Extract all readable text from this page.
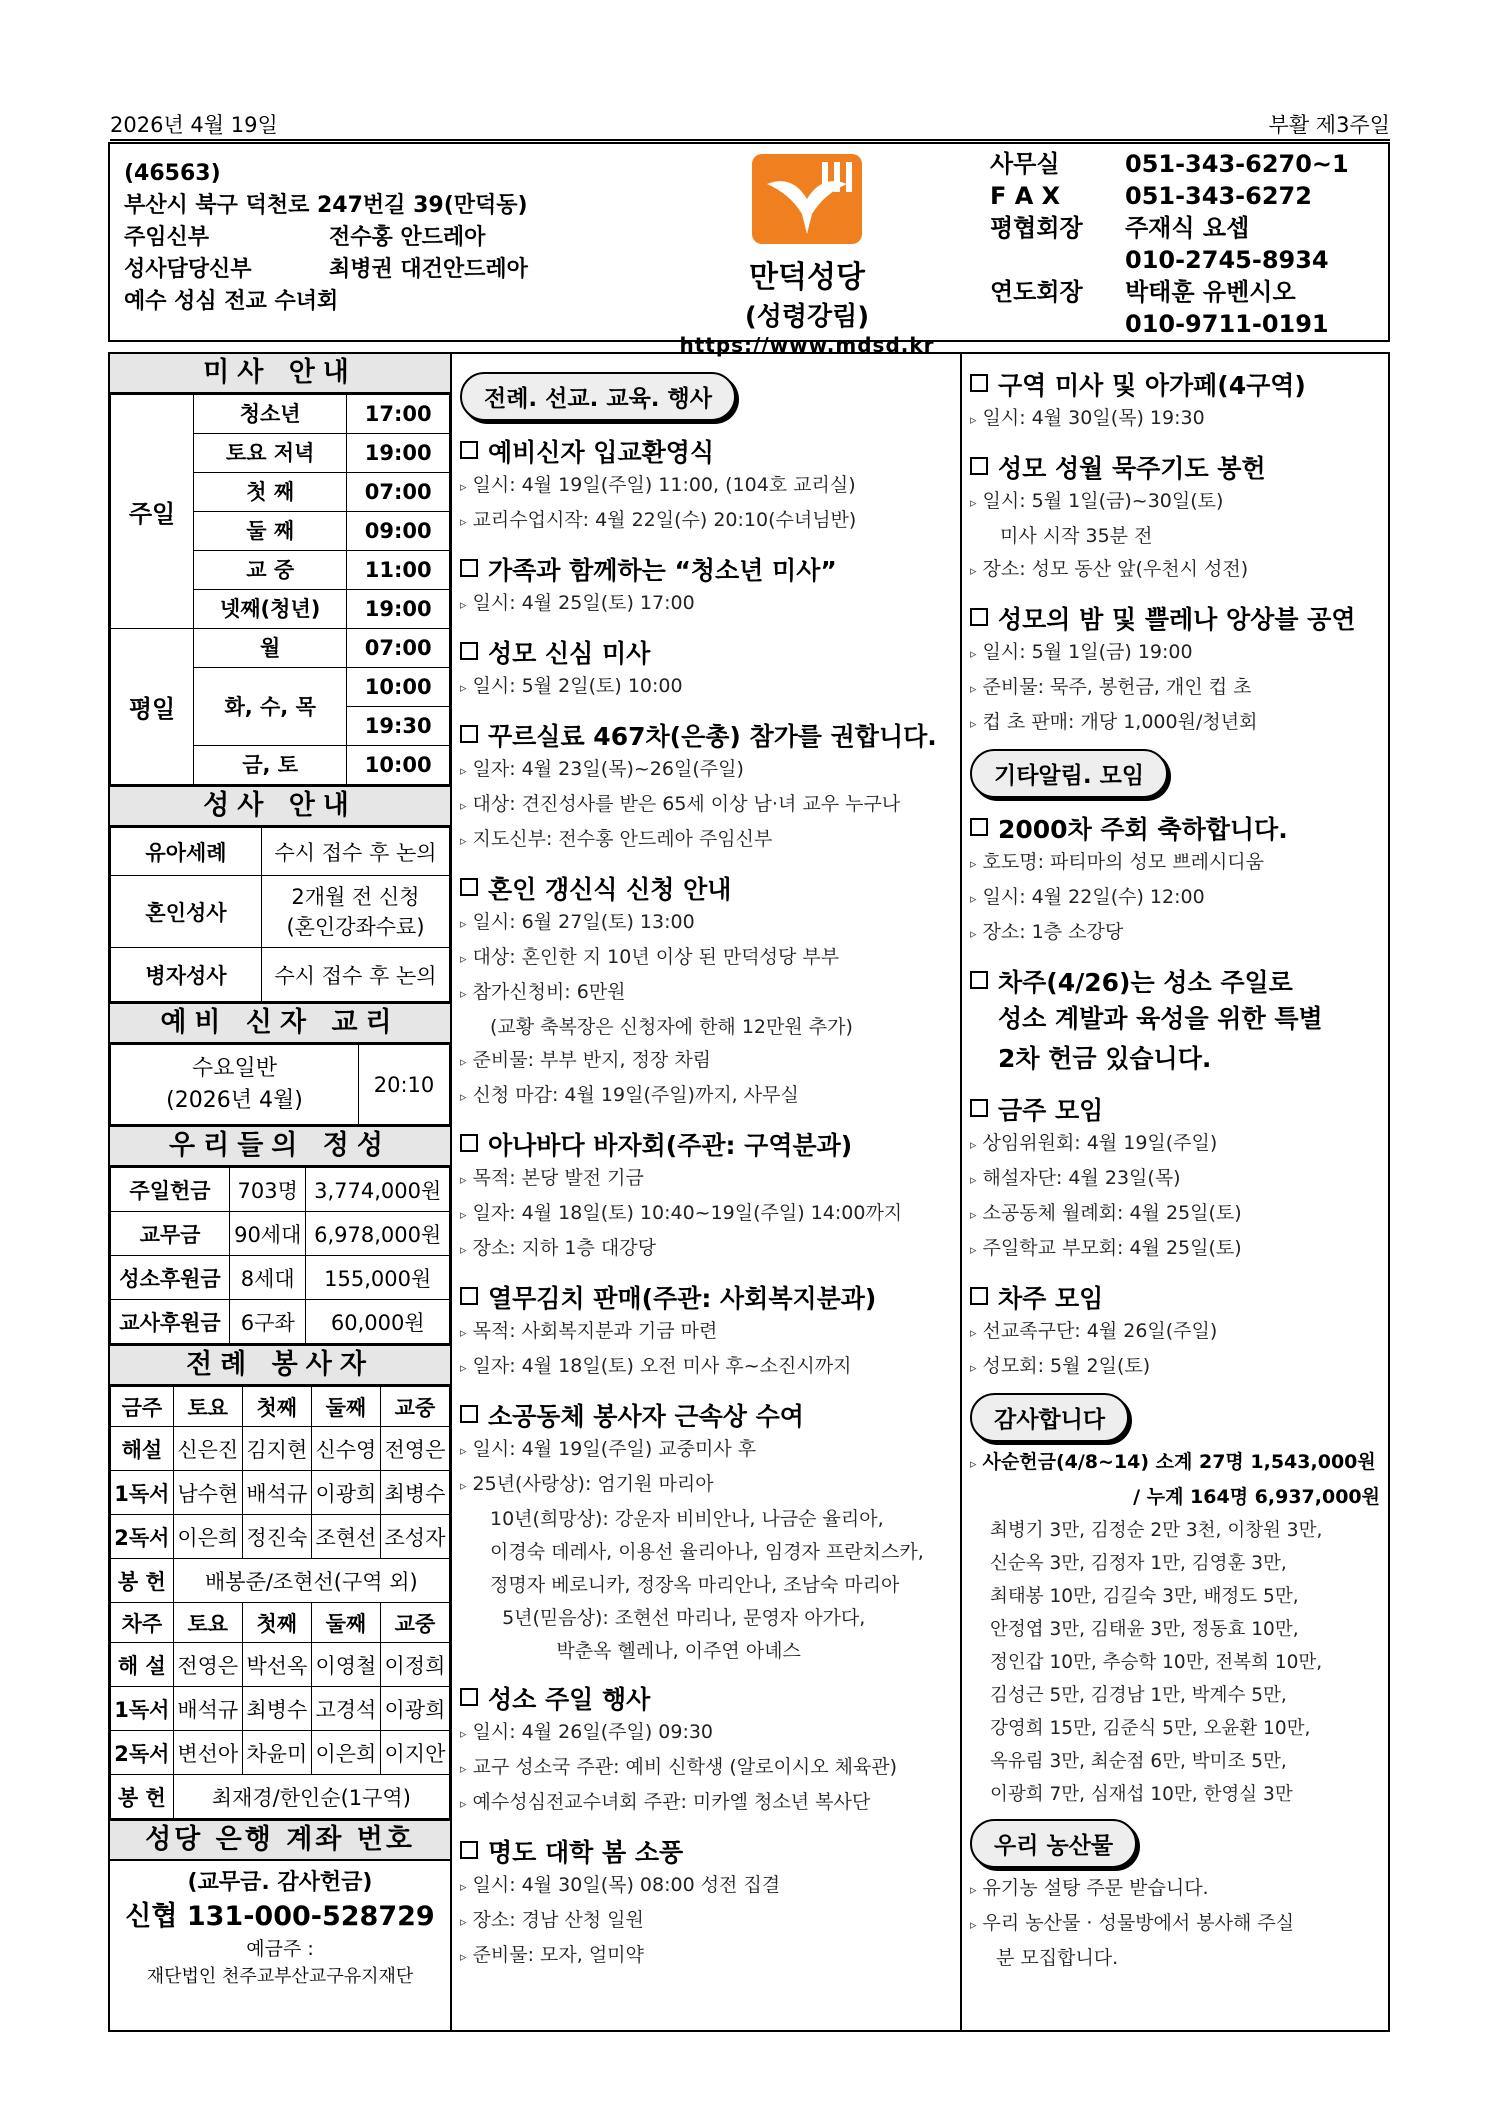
2026년 4월 19일	부활 제3주일
(46563)
부산시 북구 덕천로 247번길 39(만덕동)
주임신부	전수홍 안드레아
성사담당신부	최병권 대건안드레아
예수 성심 전교 수녀회
만덕성당
(성령강림)
https://www.mdsd.kr
사무실	051-343-6270~1
F A X	051-343-6272
평협회장	주재식 요셉
010-2745-8934
연도회장	박태훈 유벤시오
010-9711-0191
미사 안내
주일	청소년	17:00
	토요 저녁	19:00
	첫 째	07:00
	둘 째	09:00
	교 중	11:00
	넷째(청년)	19:00
평일	월	07:00
	화, 수, 목	10:00
		19:30
	금, 토	10:00
성사 안내
유아세례	수시 접수 후 논의
혼인성사	2개월 전 신청
(혼인강좌수료)
병자성사	수시 접수 후 논의
예비 신자 교리
수요일반
(2026년 4월)	20:10
우리들의 정성
주일헌금	703명	3,774,000원
교무금	90세대	6,978,000원
성소후원금	8세대	155,000원
교사후원금	6구좌	60,000원
전례 봉사자
금주	토요	첫째	둘째	교중
해설	신은진	김지현	신수영	전영은
1독서	남수현	배석규	이광희	최병수
2독서	이은희	정진숙	조현선	조성자
봉 헌	배봉준/조현선(구역 외)			
차주	토요	첫째	둘째	교중
해 설	전영은	박선옥	이영철	이정희
1독서	배석규	최병수	고경석	이광희
2독서	변선아	차윤미	이은희	이지안
봉 헌	최재경/한인순(1구역)			
성당 은행 계좌 번호
(교무금. 감사헌금)
신협 131-000-528729
예금주 :
재단법인 천주교부산교구유지재단
전례. 선교. 교육. 행사
예비신자 입교환영식
▹ 일시: 4월 19일(주일) 11:00, (104호 교리실)
▹ 교리수업시작: 4월 22일(수) 20:10(수녀님반)
가족과 함께하는 “청소년 미사”
▹ 일시: 4월 25일(토) 17:00
성모 신심 미사
▹ 일시: 5월 2일(토) 10:00
꾸르실료 467차(은총) 참가를 권합니다.
▹ 일자: 4월 23일(목)~26일(주일)
▹ 대상: 견진성사를 받은 65세 이상 남·녀 교우 누구나
▹ 지도신부: 전수홍 안드레아 주임신부
혼인 갱신식 신청 안내
▹ 일시: 6월 27일(토) 13:00
▹ 대상: 혼인한 지 10년 이상 된 만덕성당 부부
▹ 참가신청비: 6만원
(교황 축복장은 신청자에 한해 12만원 추가)
▹ 준비물: 부부 반지, 정장 차림
▹ 신청 마감: 4월 19일(주일)까지, 사무실
아나바다 바자회(주관: 구역분과)
▹ 목적: 본당 발전 기금
▹ 일자: 4월 18일(토) 10:40~19일(주일) 14:00까지
▹ 장소: 지하 1층 대강당
열무김치 판매(주관: 사회복지분과)
▹ 목적: 사회복지분과 기금 마련
▹ 일자: 4월 18일(토) 오전 미사 후~소진시까지
소공동체 봉사자 근속상 수여
▹ 일시: 4월 19일(주일) 교중미사 후
▹ 25년(사랑상): 엄기원 마리아
10년(희망상): 강운자 비비안나, 나금순 율리아,
이경숙 데레사, 이용선 율리아나, 임경자 프란치스카,
정명자 베로니카, 정장옥 마리안나, 조남숙 마리아
5년(믿음상): 조현선 마리나, 문영자 아가다,
박춘옥 헬레나, 이주연 아녜스
성소 주일 행사
▹ 일시: 4월 26일(주일) 09:30
▹ 교구 성소국 주관: 예비 신학생 (알로이시오 체육관)
▹ 예수성심전교수녀회 주관: 미카엘 청소년 복사단
명도 대학 봄 소풍
▹ 일시: 4월 30일(목) 08:00 성전 집결
▹ 장소: 경남 산청 일원
▹ 준비물: 모자, 얼미약
구역 미사 및 아가페(4구역)
▹ 일시: 4월 30일(목) 19:30
성모 성월 묵주기도 봉헌
▹ 일시: 5월 1일(금)~30일(토)
미사 시작 35분 전
▹ 장소: 성모 동산 앞(우천시 성전)
성모의 밤 및 쁠레나 앙상블 공연
▹ 일시: 5월 1일(금) 19:00
▹ 준비물: 묵주, 봉헌금, 개인 컵 초
▹ 컵 초 판매: 개당 1,000원/청년회
기타알림. 모임
2000차 주회 축하합니다.
▹ 호도명: 파티마의 성모 쁘레시디움
▹ 일시: 4월 22일(수) 12:00
▹ 장소: 1층 소강당
차주(4/26)는 성소 주일로
성소 계발과 육성을 위한 특별
2차 헌금 있습니다.
금주 모임
▹ 상임위원회: 4월 19일(주일)
▹ 해설자단: 4월 23일(목)
▹ 소공동체 월례회: 4월 25일(토)
▹ 주일학교 부모회: 4월 25일(토)
차주 모임
▹ 선교족구단: 4월 26일(주일)
▹ 성모회: 5월 2일(토)
감사합니다
▹ 사순헌금(4/8~14) 소계 27명 1,543,000원
/ 누계 164명 6,937,000원
최병기 3만, 김정순 2만 3천, 이창원 3만,
신순옥 3만, 김정자 1만, 김영훈 3만,
최태봉 10만, 김길숙 3만, 배정도 5만,
안정엽 3만, 김태윤 3만, 정동효 10만,
정인갑 10만, 추승학 10만, 전복희 10만,
김성근 5만, 김경남 1만, 박계수 5만,
강영희 15만, 김준식 5만, 오윤환 10만,
옥유림 3만, 최순점 6만, 박미조 5만,
이광희 7만, 심재섭 10만, 한영실 3만
우리 농산물
▹ 유기농 설탕 주문 받습니다.
▹ 우리 농산물 · 성물방에서 봉사해 주실
분 모집합니다.
